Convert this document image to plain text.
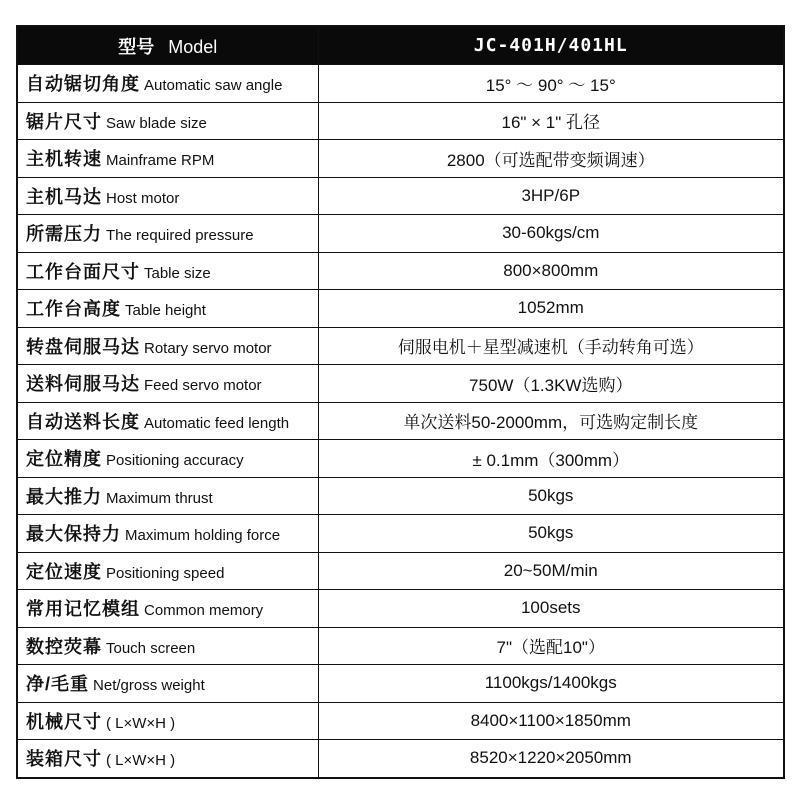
型号 Model	JC-401H/401HL
自动锯切角度 Automatic saw angle	15° ～ 90° ～ 15°
锯片尺寸 Saw blade size	16" × 1" 孔径
主机转速 Mainframe RPM	2800（可选配带变频调速）
主机马达 Host motor	3HP/6P
所需压力 The required pressure	30-60kgs/cm
工作台面尺寸 Table size	800×800mm
工作台高度 Table height	1052mm
转盘伺服马达 Rotary servo motor	伺服电机＋星型减速机（手动转角可选）
送料伺服马达 Feed servo motor	750W（1.3KW选购）
自动送料长度 Automatic feed length	单次送料50-2000mm，可选购定制长度
定位精度 Positioning accuracy	± 0.1mm（300mm）
最大推力 Maximum thrust	50kgs
最大保持力 Maximum holding force	50kgs
定位速度 Positioning speed	20~50M/min
常用记忆模组 Common memory	100sets
数控荧幕 Touch screen	7"（选配10"）
净/毛重 Net/gross weight	1100kgs/1400kgs
机械尺寸 ( L×W×H )	8400×1100×1850mm
装箱尺寸 ( L×W×H )	8520×1220×2050mm
